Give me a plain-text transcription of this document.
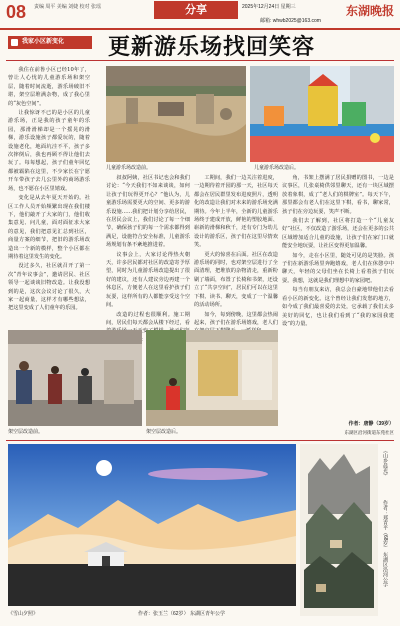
08 责编 周平 美编 刘婕 校对 张瑶	分享	2025年12月24日 星期三	东湖晚报
邮箱: whwb2025@163.com
我家小区新变化	更新游乐场找回笑容

我住在前鲁小区已经10年了，曾让人心忧的儿童游乐场和架空层，随着时间流逝，游乐场破旧不堪，架空层堆满杂物，成了我心里的“灰色空间”。

让我惊讶不已的是小区的儿童游乐场，正是我的孩子童年的乐园，那滑滑梯却是一个摇晃的滑梯，游乐设施孩子都爱玩的，随着设施老化，地面坑洼不平，孩子多次摔倒后，我也再顾不得让他们去玩了。每每想起，孩子们童年回忆都被霸陷在这里，不少家长在宁愿开车带孩子去几公里外的商场游乐场，也不愿在小区里嬉戏。

变化是从去年夏天开始的。社区工作人员开始频繁出现在我们楼下，他们敲开了大家的门，他们收集意见、问儿童，面对面征求大家的意见，我们把意见汇总到社区，商量方案的细节，把旧的游乐场改造出一个新的模样，整个小区都在期待着这里发生的变化。

没过多久，社区就召开了第一次“青年议事会”，邀请居民、社区领导一起谈谈旧物改造。让我没想到的是，这次会议讨论了很久，大家一起商量，这样才有哪些想法，把这里变成了人们童年的乐园。

儿童游乐场改造前。	儿童游乐场改造后。

叔叔阿姨，社区书记也会和我们讨论：“今天我们不如来谈谈，如何让孩子们玩得更开心？”他认为，儿童游乐场需要更大的空间、更多的游乐设施……我们把计划分享给居民，在居民会议上，我们讨论了每一个细节，确保孩子们的每一个需求都得到满足，设施符合安全标准，儿童游乐场规划有条不紊地推进着。

议事会上，大家讨论得热火朝天，许多居民都对社区的改造寄予厚望，同时为儿童游乐场改造提出了很好的建议，还有人建议旁边再建一个休息区，方便老人在这里看护孩子们玩耍，这样所有的人都能享受这个空间。

改造的过程也很顺利。施工期间，居民们每天都会从楼下经过，看 天变 ：“

工期间，我们一边关注着进度，一边期待着开园的那一天，社区每天都会在居民群里发布进度照片，透明化的改造让我们对未来的游乐场充满期待。今年上半年，全新的儿童游乐场终于建成开放，鲜艳的塑胶地面、崭新的滑梯和秋千，还有专门为幼儿设计的游乐区，孩子们在这里尽情欢笑。

更大的惊喜在后面。社区在改造游乐场的同时，也对架空层进行了全面清理，把堆放的杂物清走，重新粉刷了墙面，布置了长椅和书架，还设立了“共享空间”，居民们可以在这里下棋、读书、聊天，变成了一个温馨的活动场所。

如今，每到傍晚，这里都会热闹起来，孩子们在游乐场嬉戏，老人们

角，书架上摆满了居民捐赠的图书，一边是议事区，几张桌椅供邻里聊天，还有一块区域摆放着象棋，成了“老人们的棋牌室”。每天下午，那里都会有老人们在这里下棋，看书，聊家常，孩子们在旁边玩耍，笑声不断。

我们去了解到，社区将打造一个“儿童友好”社区，不仅改造了游乐场，还会在更多的公共区域增加适合儿童的设施，让孩子们在家门口就能安全地玩耍，让社区变得更加温馨。

如今，走在小区里，随处可见的是笑脸。孩子们在新游乐场里奔跑嬉戏，老人们在休憩亭中聊天，年轻的父母们坐在长椅上看着孩子们玩耍。我想，这就是我们理想中的家园吧。

每当有朋友来访，我总会自豪地带他们去看看小区的新变化。这个曾经让我们发愁的地方，如今成了我们最喜爱的去处，它承载了我们太多美好的回忆，也让我们看到了“我的家园我建设”的力量。

架空层改造前。	架空层改造后。
作者：唐静（39岁）
东湖区沿河街道东苑社区
《雪山夕照》	作者：张玉兰（62岁） 东湖区青年公学
《山乡晨光》
作者：郑青平（68岁） 东湖区沿河公学
